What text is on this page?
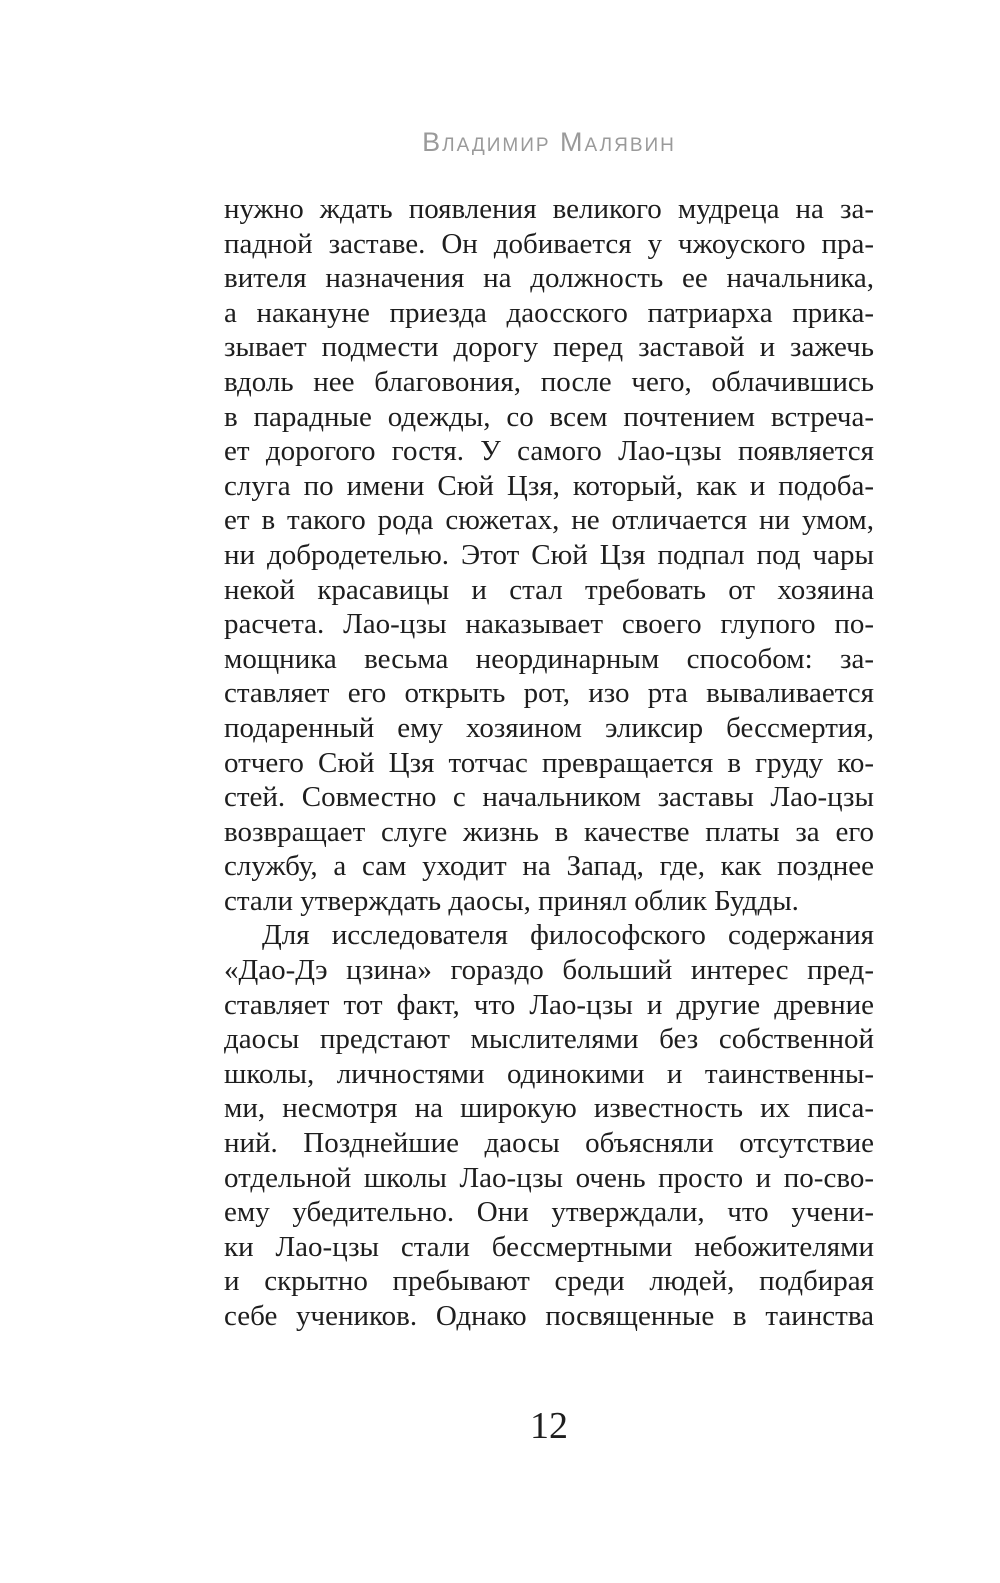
Владимир Малявин
нужно ждать появления великого мудреца на за-
падной заставе. Он добивается у чжоуского пра-
вителя назначения на должность ее начальника,
а накануне приезда даосского патриарха прика-
зывает подмести дорогу перед заставой и зажечь
вдоль нее благовония, после чего, облачившись
в парадные одежды, со всем почтением встреча-
ет дорогого гостя. У самого Лао-цзы появляется
слуга по имени Сюй Цзя, который, как и подоба-
ет в такого рода сюжетах, не отличается ни умом,
ни добродетелью. Этот Сюй Цзя подпал под чары
некой красавицы и стал требовать от хозяина
расчета. Лао-цзы наказывает своего глупого по-
мощника весьма неординарным способом: за-
ставляет его открыть рот, изо рта вываливается
подаренный ему хозяином эликсир бессмертия,
отчего Сюй Цзя тотчас превращается в груду ко-
стей. Совместно с начальником заставы Лао-цзы
возвращает слуге жизнь в качестве платы за его
службу, а сам уходит на Запад, где, как позднее
стали утверждать даосы, принял облик Будды.
Для исследователя философского содержания
«Дао-Дэ цзина» гораздо больший интерес пред-
ставляет тот факт, что Лао-цзы и другие древние
даосы предстают мыслителями без собственной
школы, личностями одинокими и таинственны-
ми, несмотря на широкую известность их писа-
ний. Позднейшие даосы объясняли отсутствие
отдельной школы Лао-цзы очень просто и по-сво-
ему убедительно. Они утверждали, что учени-
ки Лао-цзы стали бессмертными небожителями
и скрытно пребывают среди людей, подбирая
себе учеников. Однако посвященные в таинства
12
